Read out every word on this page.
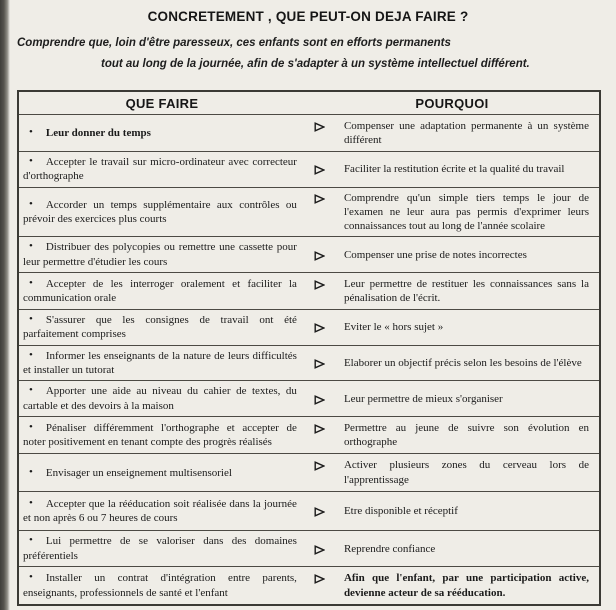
CONCRETEMENT , QUE PEUT-ON DEJA FAIRE ?

Comprendre que, loin d'être paresseux, ces enfants sont en efforts permanents

tout au long de la journée, afin de s'adapter à un système intellectuel différent.

QUE FAIRE	POURQUOI

• Leur donner du temps

Compenser une adaptation permanente à un système différent

• Accepter le travail sur micro-ordinateur avec correcteur d'orthographe

Faciliter la restitution écrite et la qualité du travail

• Accorder un temps supplémentaire aux contrôles ou prévoir des exercices plus courts

Comprendre qu'un simple tiers temps le jour de l'examen ne leur aura pas permis d'exprimer leurs connaissances tout au long de l'année scolaire

• Distribuer des polycopies ou remettre une cassette pour leur permettre d'étudier les cours

Compenser une prise de notes incorrectes

• Accepter de les interroger oralement et faciliter la communication orale

Leur permettre de restituer les connaissances sans la pénalisation de l'écrit.

• S'assurer que les consignes de travail ont été parfaitement comprises

Eviter le « hors sujet »

• Informer les enseignants de la nature de leurs difficultés et installer un tutorat

Elaborer un objectif précis selon les besoins de l'élève

• Apporter une aide au niveau du cahier de textes, du cartable et des devoirs à la maison

Leur permettre de mieux s'organiser

• Pénaliser différemment l'orthographe et accepter de noter positivement en tenant compte des progrès réalisés

Permettre au jeune de suivre son évolution en orthographe

• Envisager un enseignement multisensoriel

Activer plusieurs zones du cerveau lors de l'apprentissage

• Accepter que la rééducation soit réalisée dans la journée et non après 6 ou 7 heures de cours

Etre disponible et réceptif

• Lui permettre de se valoriser dans des domaines préférentiels

Reprendre confiance

• Installer un contrat d'intégration entre parents, enseignants, professionnels de santé et l'enfant

Afin que l'enfant, par une participation active, devienne acteur de sa rééducation.
